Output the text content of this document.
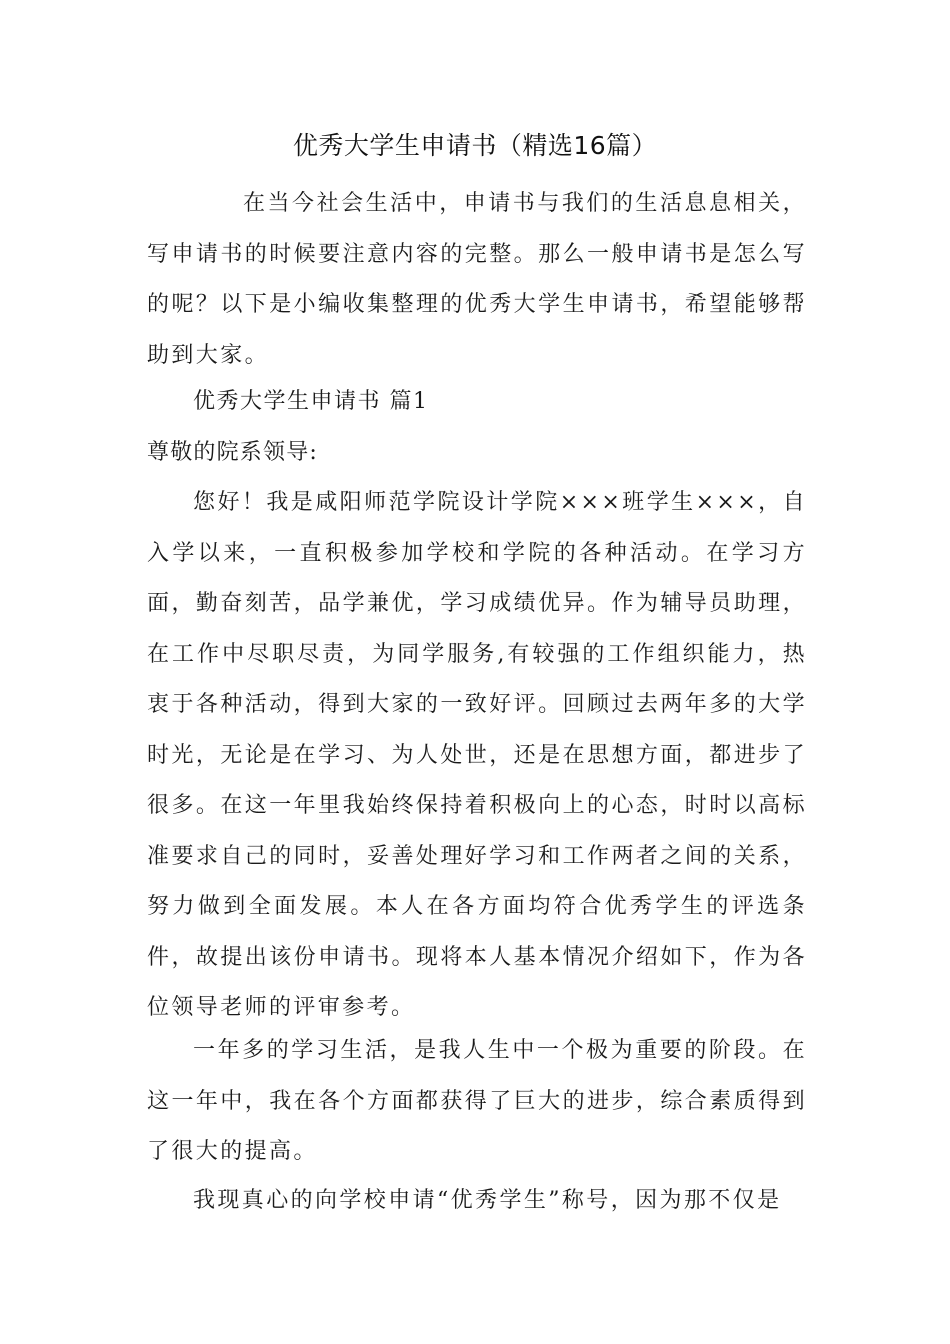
优秀大学生申请书（精选16篇）

在当今社会生活中，申请书与我们的生活息息相关，写申请书的时候要注意内容的完整。那么一般申请书是怎么写的呢？以下是小编收集整理的优秀大学生申请书，希望能够帮助到大家。

优秀大学生申请书 篇1

尊敬的院系领导:

您好！我是咸阳师范学院设计学院×××班学生×××，自入学以来，一直积极参加学校和学院的各种活动。在学习方面，勤奋刻苦，品学兼优，学习成绩优异。作为辅导员助理，在工作中尽职尽责，为同学服务,有较强的工作组织能力，热衷于各种活动，得到大家的一致好评。回顾过去两年多的大学时光，无论是在学习、为人处世，还是在思想方面，都进步了很多。在这一年里我始终保持着积极向上的心态，时时以高标准要求自己的同时，妥善处理好学习和工作两者之间的关系，努力做到全面发展。本人在各方面均符合优秀学生的评选条件，故提出该份申请书。现将本人基本情况介绍如下，作为各位领导老师的评审参考。

一年多的学习生活，是我人生中一个极为重要的阶段。在这一年中，我在各个方面都获得了巨大的进步，综合素质得到了很大的提高。

我现真心的向学校申请“优秀学生”称号，因为那不仅是
